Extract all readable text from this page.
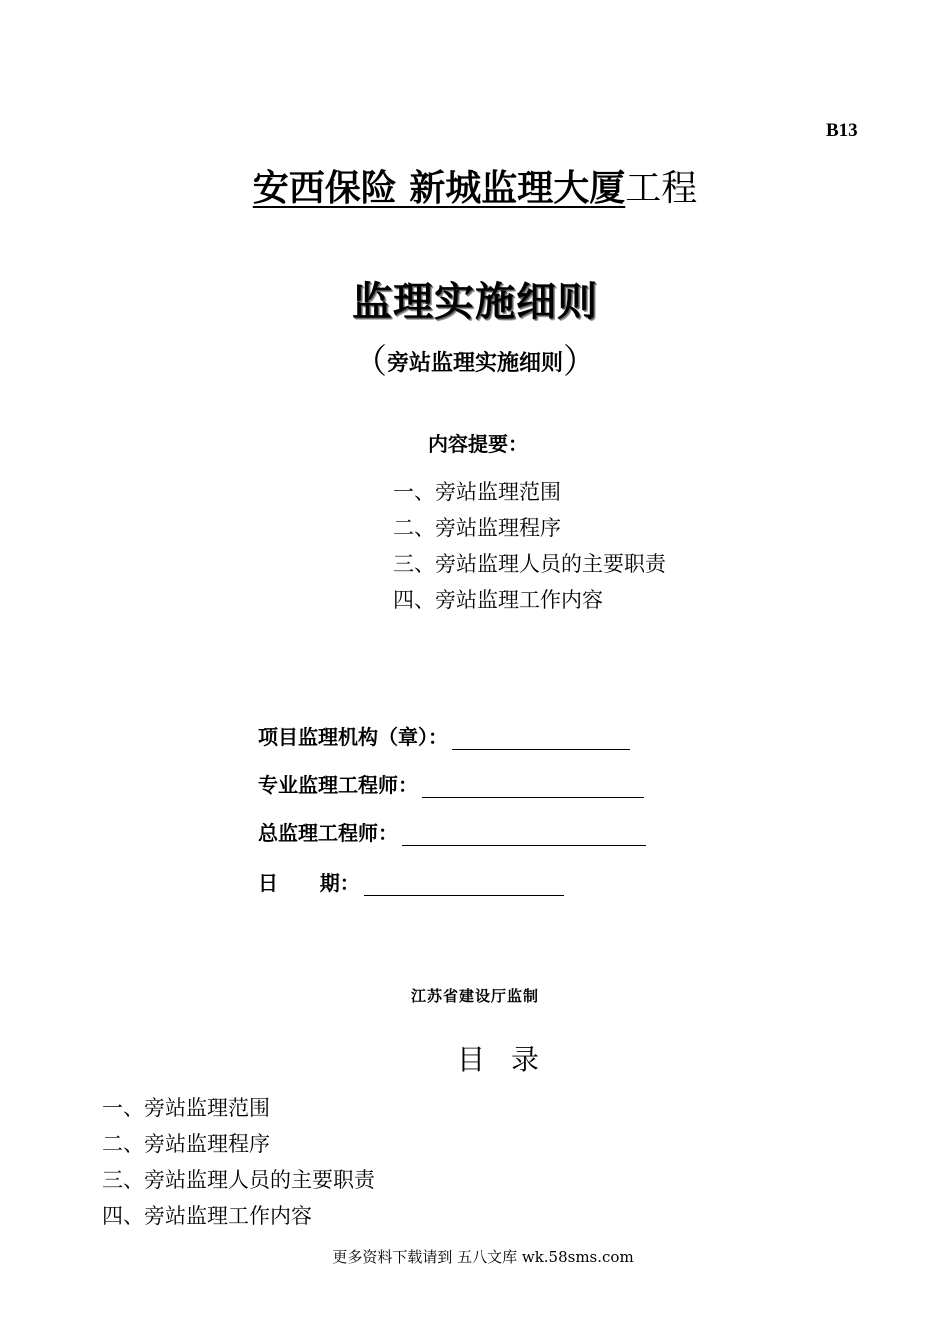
B13
安西保险 新城监理大厦工程
监理实施细则
（旁站监理实施细则）
内容提要：
一、旁站监理范围
二、旁站监理程序
三、旁站监理人员的主要职责
四、旁站监理工作内容
项目监理机构（章）：
专业监理工程师：
总监理工程师：
日      期：
江苏省建设厅监制
目录
一、旁站监理范围
二、旁站监理程序
三、旁站监理人员的主要职责
四、旁站监理工作内容
更多资料下载请到 五八文库 wk.58sms.com
